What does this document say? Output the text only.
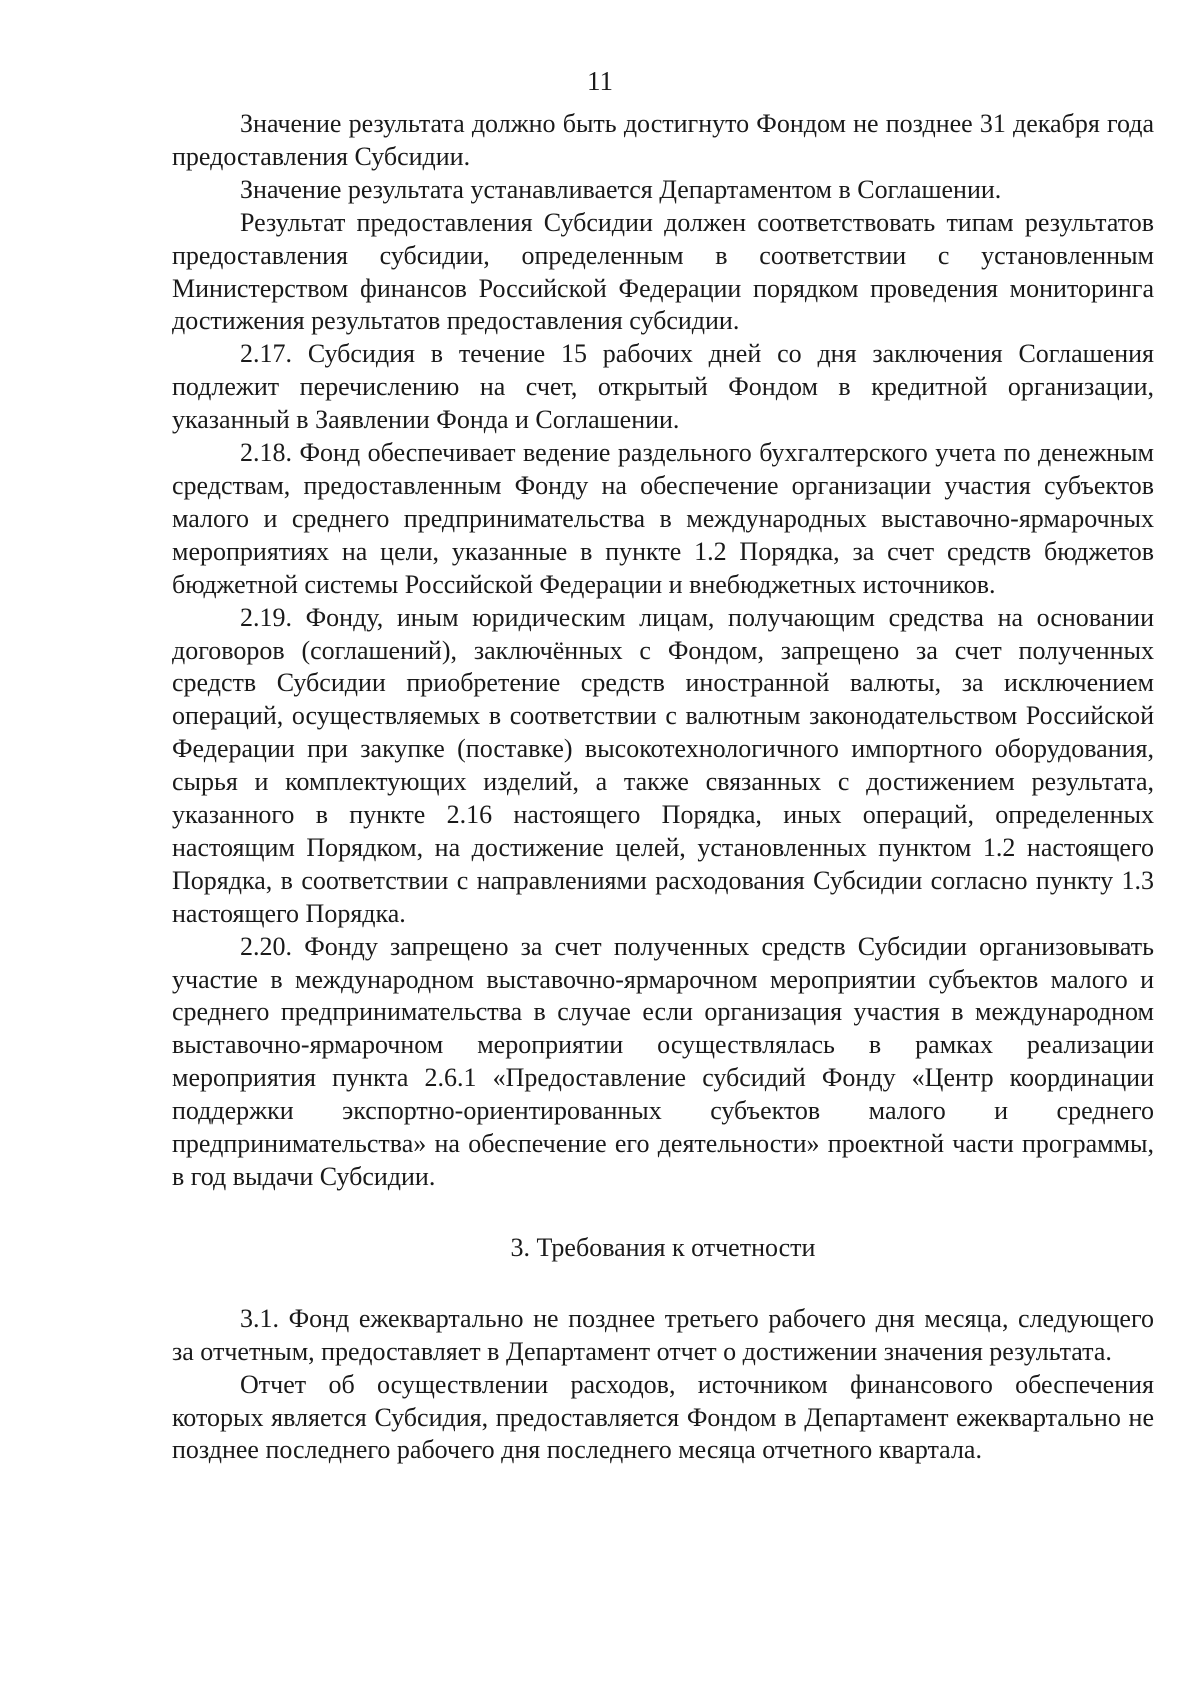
11

Значение результата должно быть достигнуто Фондом не позднее 31 декабря года предоставления Субсидии.

Значение результата устанавливается Департаментом в Соглашении.

Результат предоставления Субсидии должен соответствовать типам результатов предоставления субсидии, определенным в соответствии с установленным Министерством финансов Российской Федерации порядком проведения мониторинга достижения результатов предоставления субсидии.

2.17. Субсидия в течение 15 рабочих дней со дня заключения Соглашения подлежит перечислению на счет, открытый Фондом в кредитной организации, указанный в Заявлении Фонда и Соглашении.

2.18. Фонд обеспечивает ведение раздельного бухгалтерского учета по денежным средствам, предоставленным Фонду на обеспечение организации участия субъектов малого и среднего предпринимательства в международных выставочно-ярмарочных мероприятиях на цели, указанные в пункте 1.2 Порядка, за счет средств бюджетов бюджетной системы Российской Федерации и внебюджетных источников.

2.19. Фонду, иным юридическим лицам, получающим средства на основании договоров (соглашений), заключённых с Фондом, запрещено за счет полученных средств Субсидии приобретение средств иностранной валюты, за исключением операций, осуществляемых в соответствии с валютным законодательством Российской Федерации при закупке (поставке) высокотехнологичного импортного оборудования, сырья и комплектующих изделий, а также связанных с достижением результата, указанного в пункте 2.16 настоящего Порядка, иных операций, определенных настоящим Порядком, на достижение целей, установленных пунктом 1.2 настоящего Порядка, в соответствии с направлениями расходования Субсидии согласно пункту 1.3 настоящего Порядка.

2.20. Фонду запрещено за счет полученных средств Субсидии организовывать участие в международном выставочно-ярмарочном мероприятии субъектов малого и среднего предпринимательства в случае если организация участия в международном выставочно-ярмарочном мероприятии осуществлялась в рамках реализации мероприятия пункта 2.6.1 «Предоставление субсидий Фонду «Центр координации поддержки экспортно-ориентированных субъектов малого и среднего предпринимательства» на обеспечение его деятельности» проектной части программы, в год выдачи Субсидии.

3. Требования к отчетности

3.1. Фонд ежеквартально не позднее третьего рабочего дня месяца, следующего за отчетным, предоставляет в Департамент отчет о достижении значения результата.

Отчет об осуществлении расходов, источником финансового обеспечения которых является Субсидия, предоставляется Фондом в Департамент ежеквартально не позднее последнего рабочего дня последнего месяца отчетного квартала.
